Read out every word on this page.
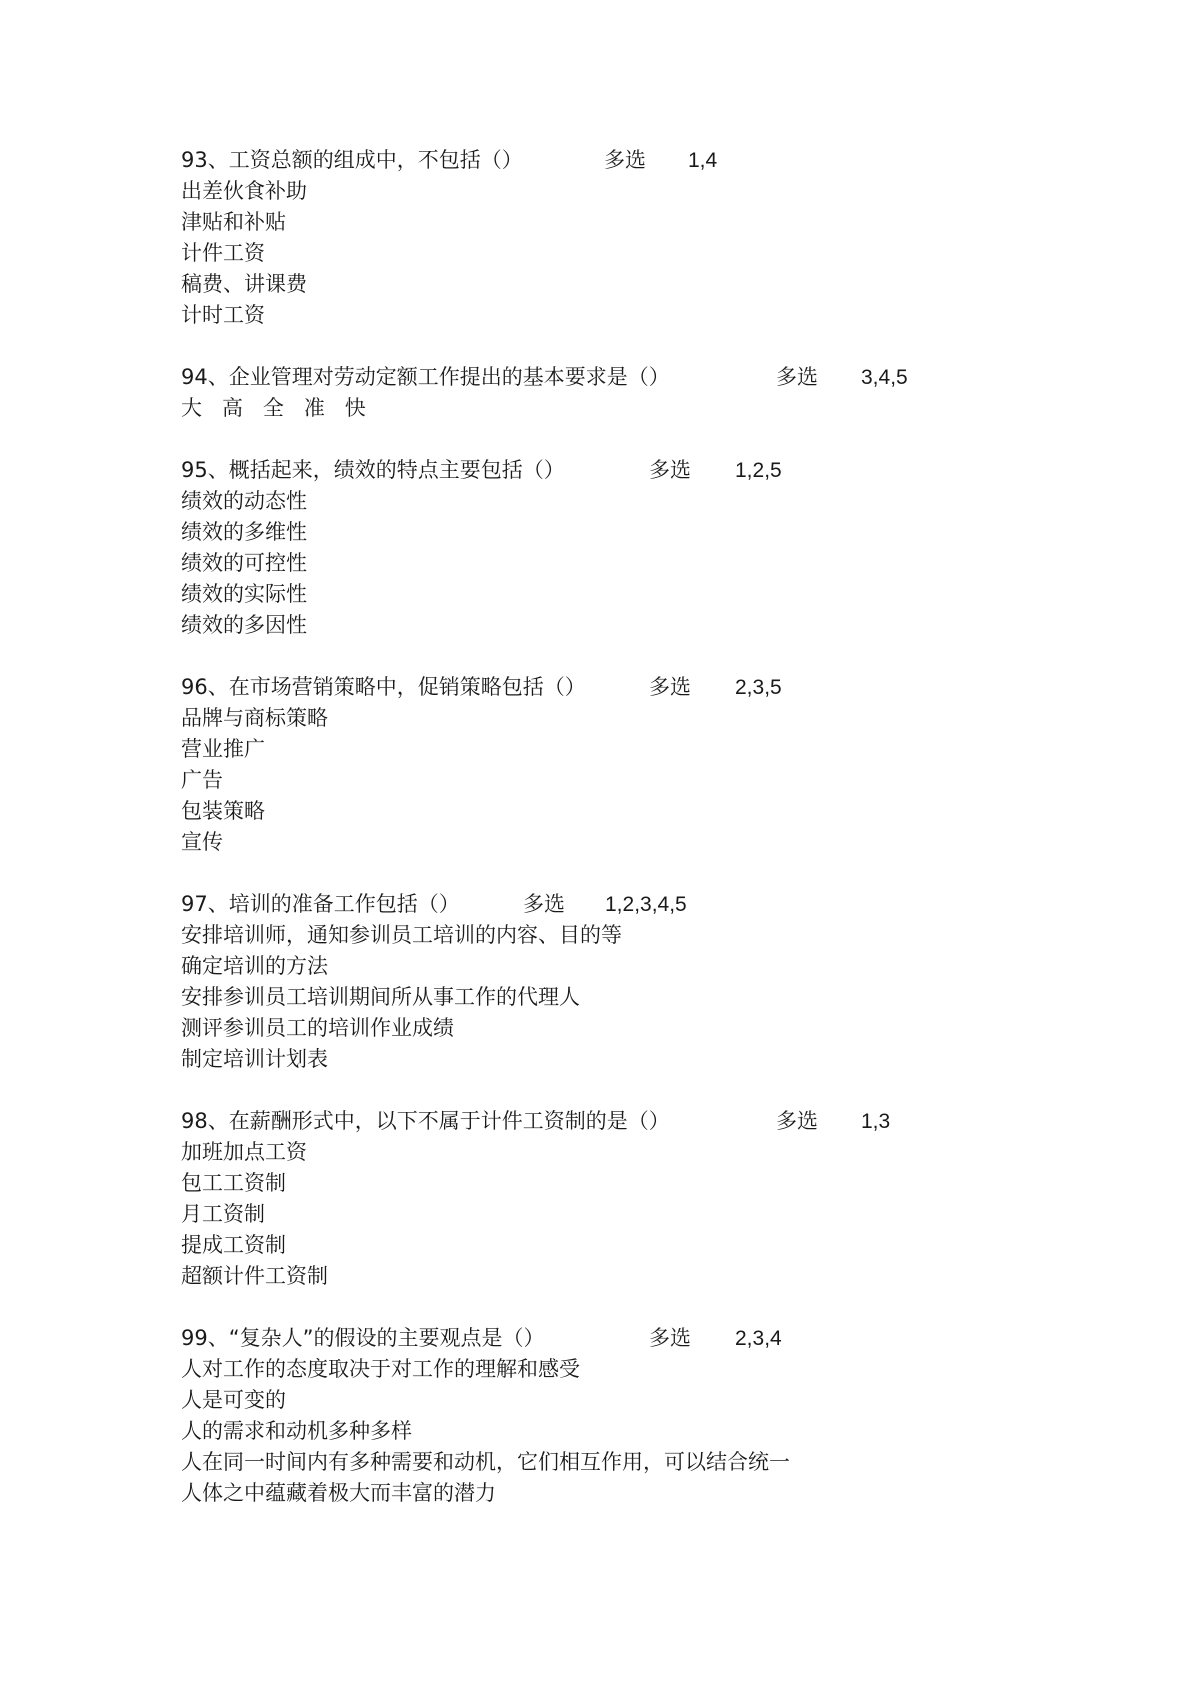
93、工资总额的组成中，不包括（）	多选 1,4
出差伙食补助
津贴和补贴
计件工资
稿费、讲课费
计时工资
94、企业管理对劳动定额工作提出的基本要求是（）	多选 3,4,5
大高全准快
95、概括起来，绩效的特点主要包括（）	多选 1,2,5
绩效的动态性
绩效的多维性
绩效的可控性
绩效的实际性
绩效的多因性
96、在市场营销策略中，促销策略包括（）	多选 2,3,5
品牌与商标策略
营业推广
广告
包装策略
宣传
97、培训的准备工作包括（）	多选 1,2,3,4,5
安排培训师，通知参训员工培训的内容、目的等
确定培训的方法
安排参训员工培训期间所从事工作的代理人
测评参训员工的培训作业成绩
制定培训计划表
98、在薪酬形式中，以下不属于计件工资制的是（）	多选 1,3
加班加点工资
包工工资制
月工资制
提成工资制
超额计件工资制
99、“复杂人”的假设的主要观点是（）	多选 2,3,4
人对工作的态度取决于对工作的理解和感受
人是可变的
人的需求和动机多种多样
人在同一时间内有多种需要和动机，它们相互作用，可以结合统一
人体之中蕴藏着极大而丰富的潜力
